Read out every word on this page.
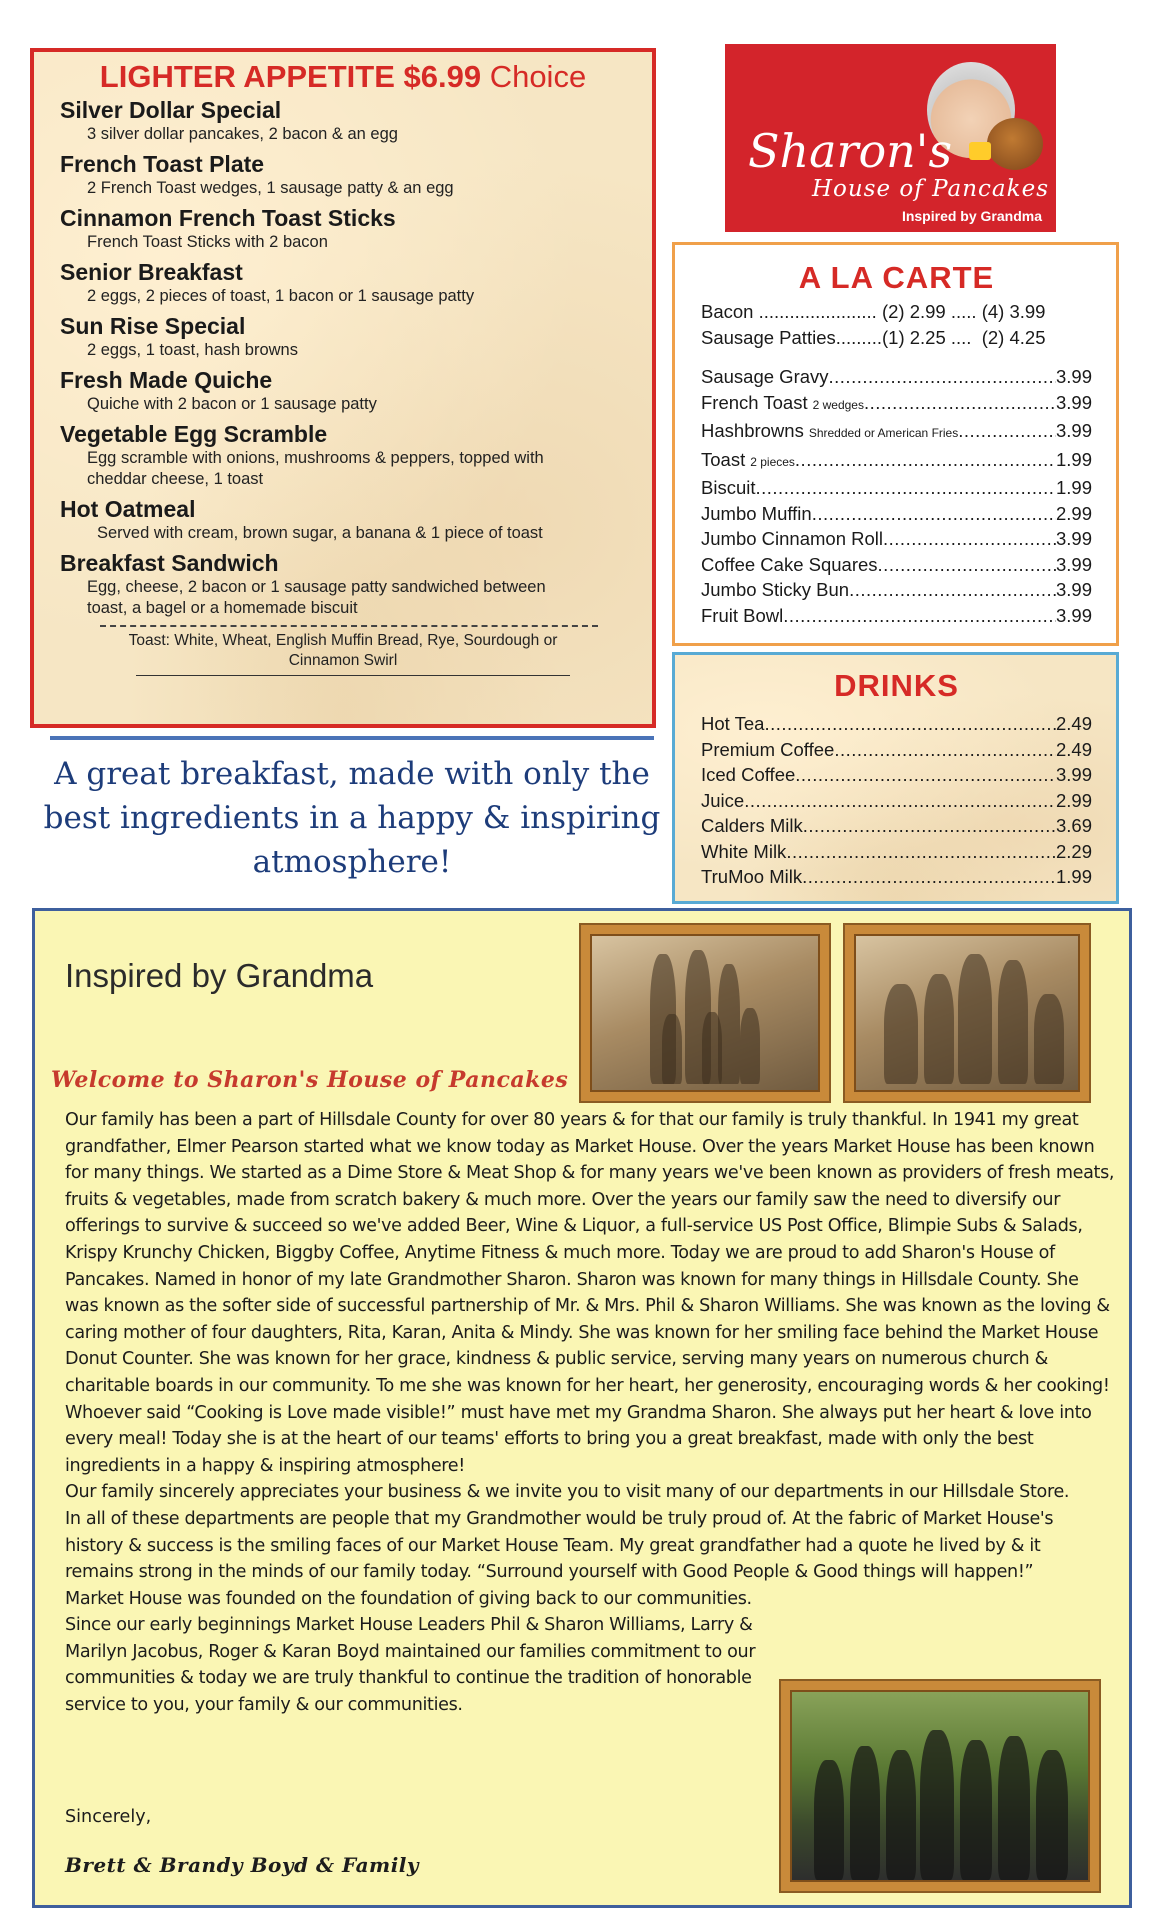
LIGHTER APPETITE $6.99 Choice
Silver Dollar Special
3 silver dollar pancakes, 2 bacon & an egg
French Toast Plate
2 French Toast wedges, 1 sausage patty & an egg
Cinnamon French Toast Sticks
French Toast Sticks with 2 bacon
Senior Breakfast
2 eggs, 2 pieces of toast, 1 bacon or 1 sausage patty
Sun Rise Special
2 eggs, 1 toast, hash browns
Fresh Made Quiche
Quiche with 2 bacon or 1 sausage patty
Vegetable Egg Scramble
Egg scramble with onions, mushrooms & peppers, topped with cheddar cheese, 1 toast
Hot Oatmeal
Served with cream, brown sugar, a banana & 1 piece of toast
Breakfast Sandwich
Egg, cheese, 2 bacon or 1 sausage patty sandwiched between toast, a bagel or a homemade biscuit
Toast: White, Wheat, English Muffin Bread, Rye, Sourdough or Cinnamon Swirl
A great breakfast, made with only the best ingredients in a happy & inspiring atmosphere!
Sharon's
House of Pancakes
Inspired by Grandma
A LA CARTE
Bacon ....................... (2) 2.99 ..... (4) 3.99
Sausage Patties .........(1) 2.25 ....  (2) 4.25
Sausage Gravy .....	3.99
French Toast 2 wedges .....	3.99
Hashbrowns Shredded or American Fries .....	3.99
Toast 2 pieces .....	1.99
Biscuit .....	1.99
Jumbo Muffin .....	2.99
Jumbo Cinnamon Roll .....	3.99
Coffee Cake Squares .....	3.99
Jumbo Sticky Bun .....	3.99
Fruit Bowl .....	3.99
DRINKS
Hot Tea .....	2.49
Premium Coffee .....	2.49
Iced Coffee .....	3.99
Juice .....	2.99
Calders Milk .....	3.69
White Milk .....	2.29
TruMoo Milk .....	1.99
Inspired by Grandma
Welcome to Sharon's House of Pancakes

Our family has been a part of Hillsdale County for over 80 years & for that our family is truly thankful. In 1941 my great grandfather, Elmer Pearson started what we know today as Market House. Over the years Market House has been known for many things. We started as a Dime Store & Meat Shop & for many years we've been known as providers of fresh meats, fruits & vegetables, made from scratch bakery & much more. Over the years our family saw the need to diversify our offerings to survive & succeed so we've added Beer, Wine & Liquor, a full-service US Post Office, Blimpie Subs & Salads, Krispy Krunchy Chicken, Biggby Coffee, Anytime Fitness & much more. Today we are proud to add Sharon's House of Pancakes. Named in honor of my late Grandmother Sharon. Sharon was known for many things in Hillsdale County. She was known as the softer side of successful partnership of Mr. & Mrs. Phil & Sharon Williams. She was known as the loving & caring mother of four daughters, Rita, Karan, Anita & Mindy. She was known for her smiling face behind the Market House Donut Counter. She was known for her grace, kindness & public service, serving many years on numerous church & charitable boards in our community. To me she was known for her heart, her generosity, encouraging words & her cooking! Whoever said “Cooking is Love made visible!” must have met my Grandma Sharon. She always put her heart & love into every meal! Today she is at the heart of our teams' efforts to bring you a great breakfast, made with only the best ingredients in a happy & inspiring atmosphere!

Our family sincerely appreciates your business & we invite you to visit many of our departments in our Hillsdale Store. In all of these departments are people that my Grandmother would be truly proud of. At the fabric of Market House's history & success is the smiling faces of our Market House Team. My great grandfather had a quote he lived by & it remains strong in the minds of our family today. “Surround yourself with Good People & Good things will happen!”

Market House was founded on the foundation of giving back to our communities. Since our early beginnings Market House Leaders Phil & Sharon Williams, Larry & Marilyn Jacobus, Roger & Karan Boyd maintained our families commitment to our communities & today we are truly thankful to continue the tradition of honorable service to you, your family & our communities.

Sincerely,
Brett & Brandy Boyd & Family
